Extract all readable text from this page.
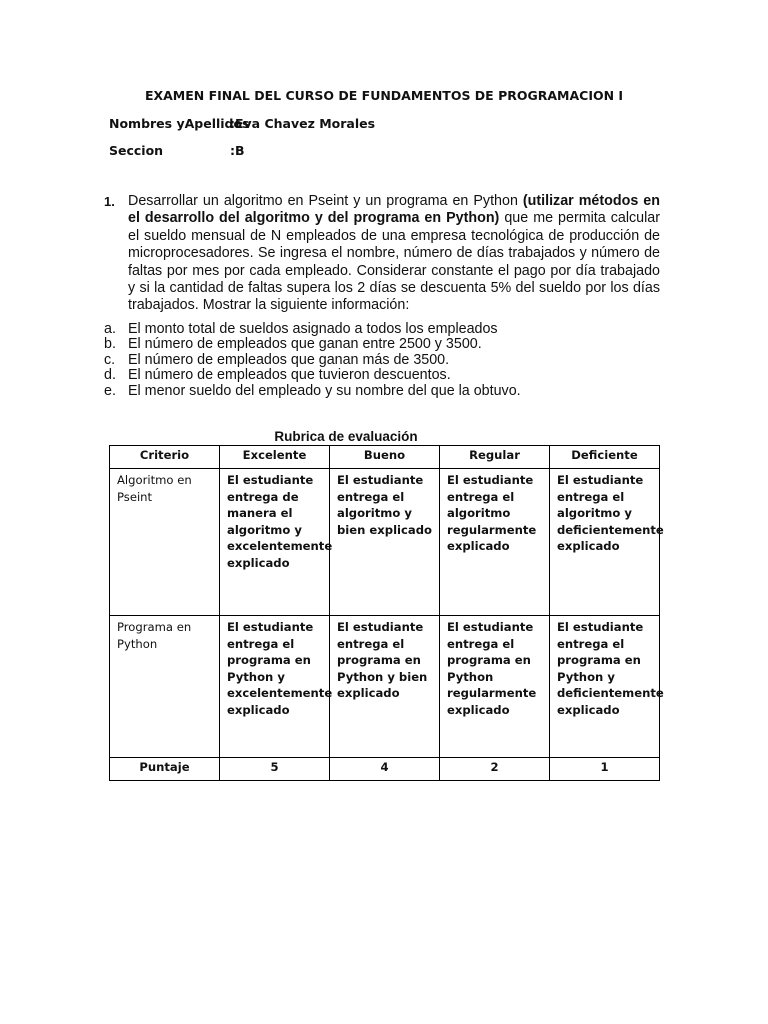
EXAMEN FINAL DEL CURSO DE FUNDAMENTOS DE PROGRAMACION I
Nombres yApellidos
:Eva Chavez Morales
Seccion	:B
1. Desarrollar un algoritmo en Pseint y un programa en Python (utilizar métodos en el desarrollo del algoritmo y del programa en Python) que me permita calcular el sueldo mensual de N empleados de una empresa tecnológica de producción de microprocesadores. Se ingresa el nombre, número de días trabajados y número de faltas por mes por cada empleado. Considerar constante el pago por día trabajado y si la cantidad de faltas supera los 2 días se descuenta 5% del sueldo por los días trabajados. Mostrar la siguiente información:
a. El monto total de sueldos asignado a todos los empleados
b. El número de empleados que ganan entre 2500 y 3500.
c. El número de empleados que ganan más de 3500.
d. El número de empleados que tuvieron descuentos.
e. El menor sueldo del empleado y su nombre del que la obtuvo.
Rubrica de evaluación
Criterio	Excelente	Bueno	Regular	Deficiente
Algoritmo en Pseint	El estudiante entrega de manera el algoritmo y excelentemente explicado	El estudiante entrega el algoritmo y bien explicado	El estudiante entrega el algoritmo regularmente explicado	El estudiante entrega el algoritmo y deficientemente explicado
Programa en Python	El estudiante entrega el programa en Python y excelentemente explicado	El estudiante entrega el programa en Python y bien explicado	El estudiante entrega el programa en Python regularmente explicado	El estudiante entrega el programa en Python y deficientemente explicado
Puntaje	5	4	2	1
